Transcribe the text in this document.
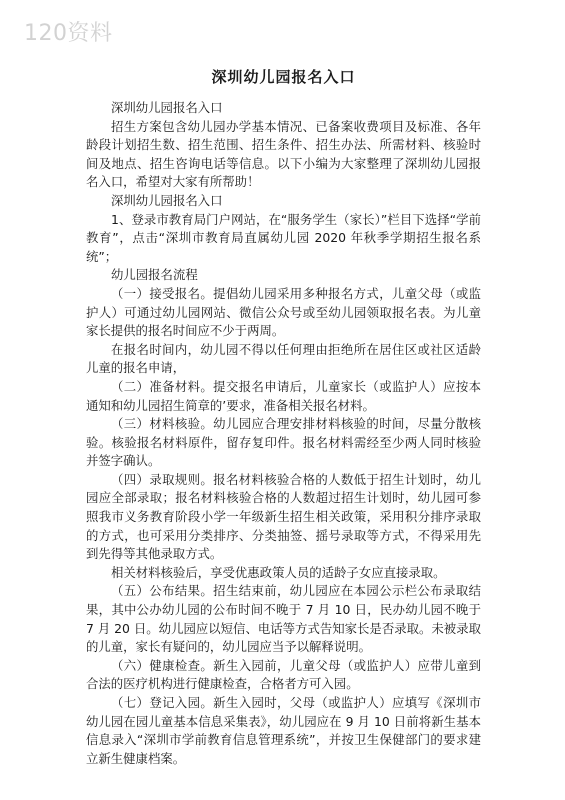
120资料
深圳幼儿园报名入口

深圳幼儿园报名入口

招生方案包含幼儿园办学基本情况、已备案收费项目及标准、各年龄段计划招生数、招生范围、招生条件、招生办法、所需材料、核验时间及地点、招生咨询电话等信息。以下小编为大家整理了深圳幼儿园报名入口，希望对大家有所帮助！

深圳幼儿园报名入口

1、登录市教育局门户网站，在“服务学生（家长）”栏目下选择“学前教育”，点击“深圳市教育局直属幼儿园 2020 年秋季学期招生报名系统”；

幼儿园报名流程

（一）接受报名。提倡幼儿园采用多种报名方式，儿童父母（或监护人）可通过幼儿园网站、微信公众号或至幼儿园领取报名表。为儿童家长提供的报名时间应不少于两周。

在报名时间内，幼儿园不得以任何理由拒绝所在居住区或社区适龄儿童的报名申请，

（二）准备材料。提交报名申请后，儿童家长（或监护人）应按本通知和幼儿园招生简章的’要求，准备相关报名材料。

（三）材料核验。幼儿园应合理安排材料核验的时间，尽量分散核验。核验报名材料原件，留存复印件。报名材料需经至少两人同时核验并签字确认。

（四）录取规则。报名材料核验合格的人数低于招生计划时，幼儿园应全部录取；报名材料核验合格的人数超过招生计划时，幼儿园可参照我市义务教育阶段小学一年级新生招生相关政策，采用积分排序录取的方式，也可采用分类排序、分类抽签、摇号录取等方式，不得采用先到先得等其他录取方式。

相关材料核验后，享受优惠政策人员的适龄子女应直接录取。

（五）公布结果。招生结束前，幼儿园应在本园公示栏公布录取结果，其中公办幼儿园的公布时间不晚于 7 月 10 日，民办幼儿园不晚于 7 月 20 日。幼儿园应以短信、电话等方式告知家长是否录取。未被录取的儿童，家长有疑问的，幼儿园应当予以解释说明。

（六）健康检查。新生入园前，儿童父母（或监护人）应带儿童到合法的医疗机构进行健康检查，合格者方可入园。

（七）登记入园。新生入园时，父母（或监护人）应填写《深圳市幼儿园在园儿童基本信息采集表》，幼儿园应在 9 月 10 日前将新生基本信息录入“深圳市学前教育信息管理系统”，并按卫生保健部门的要求建立新生健康档案。
